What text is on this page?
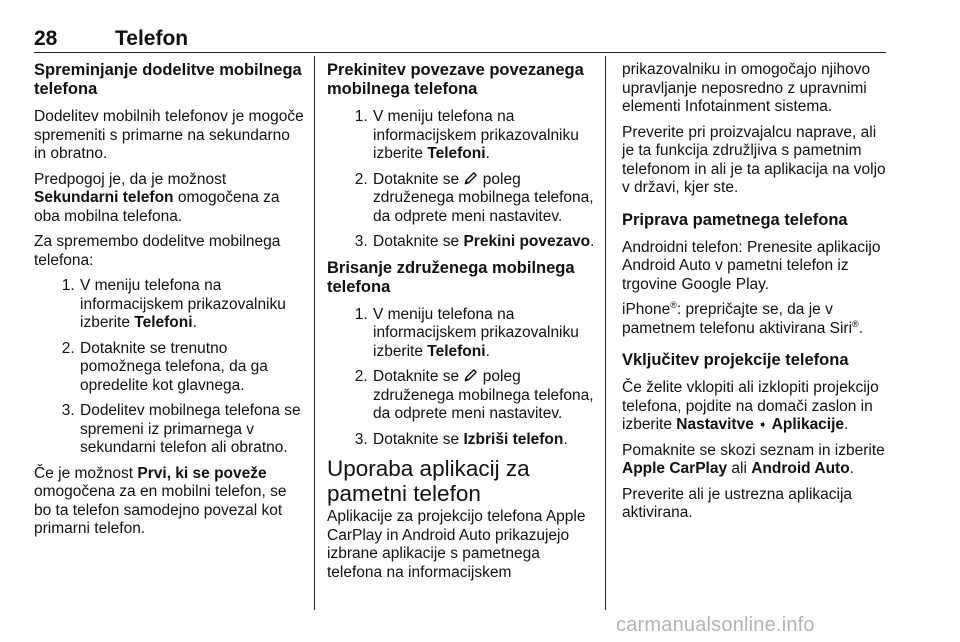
28	Telefon
Spreminjanje dodelitve mobilnega telefona

Dodelitev mobilnih telefonov je mogoče spremeniti s primarne na sekundarno in obratno.

Predpogoj je, da je možnost Sekundarni telefon omogočena za oba mobilna telefona.

Za spremembo dodelitve mobilnega telefona:

1. V meniju telefona na informacijskem prikazovalniku izberite Telefoni.
2. Dotaknite se trenutno pomožnega telefona, da ga opredelite kot glavnega.
3. Dodelitev mobilnega telefona se spremeni iz primarnega v sekundarni telefon ali obratno.

Če je možnost Prvi, ki se poveže omogočena za en mobilni telefon, se bo ta telefon samodejno povezal kot primarni telefon.

Prekinitev povezave povezanega mobilnega telefona
1. V meniju telefona na informacijskem prikazovalniku izberite Telefoni.
2. Dotaknite se  poleg združenega mobilnega telefona, da odprete meni nastavitev.
3. Dotaknite se Prekini povezavo.
Brisanje združenega mobilnega telefona
1. V meniju telefona na informacijskem prikazovalniku izberite Telefoni.
2. Dotaknite se  poleg združenega mobilnega telefona, da odprete meni nastavitev.
3. Dotaknite se Izbriši telefon.
Uporaba aplikacij za pametni telefon

Aplikacije za projekcijo telefona Apple CarPlay in Android Auto prikazujejo izbrane aplikacije s pametnega telefona na informacijskem

prikazovalniku in omogočajo njihovo upravljanje neposredno z upravnimi elementi Infotainment sistema.

Preverite pri proizvajalcu naprave, ali je ta funkcija združljiva s pametnim telefonom in ali je ta aplikacija na voljo v državi, kjer ste.

Priprava pametnega telefona

Androidni telefon: Prenesite aplikacijo Android Auto v pametni telefon iz trgovine Google Play.

iPhone®: prepričajte se, da je v pametnem telefonu aktivirana Siri®.

Vključitev projekcije telefona

Če želite vklopiti ali izklopiti projekcijo telefona, pojdite na domači zaslon in izberite Nastavitve ➧ Aplikacije.

Pomaknite se skozi seznam in izberite Apple CarPlay ali Android Auto.

Preverite ali je ustrezna aplikacija aktivirana.

carmanualsonline.info
